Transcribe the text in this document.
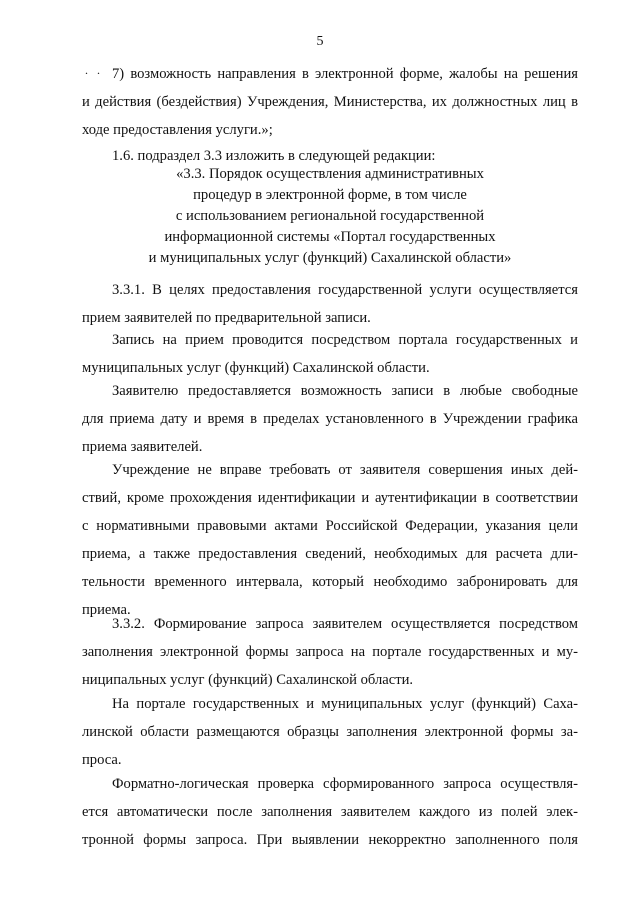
5
. . 7) возможность направления в электронной форме, жалобы на решения
и действия (бездействия) Учреждения, Министерства, их должностных лиц в
ходе предоставления услуги.»;
1.6. подраздел 3.3 изложить в следующей редакции:
«3.3. Порядок осуществления административных
процедур в электронной форме, в том числе
с использованием региональной государственной
информационной системы «Портал государственных
и муниципальных услуг (функций) Сахалинской области»
3.3.1. В целях предоставления государственной услуги осуществляется
прием заявителей по предварительной записи.
Запись на прием проводится посредством портала государственных и
муниципальных услуг (функций) Сахалинской области.
Заявителю предоставляется возможность записи в любые свободные
для приема дату и время в пределах установленного в Учреждении графика
приема заявителей.
Учреждение не вправе требовать от заявителя совершения иных дей-
ствий, кроме прохождения идентификации и аутентификации в соответствии
с нормативными правовыми актами Российской Федерации, указания цели
приема, а также предоставления сведений, необходимых для расчета дли-
тельности временного интервала, который необходимо забронировать для
приема.
3.3.2. Формирование запроса заявителем осуществляется посредством
заполнения электронной формы запроса на портале государственных и му-
ниципальных услуг (функций) Сахалинской области.
На портале государственных и муниципальных услуг (функций) Саха-
линской области размещаются образцы заполнения электронной формы за-
проса.
Форматно-логическая проверка сформированного запроса осуществля-
ется автоматически после заполнения заявителем каждого из полей элек-
тронной формы запроса. При выявлении некорректно заполненного поля
